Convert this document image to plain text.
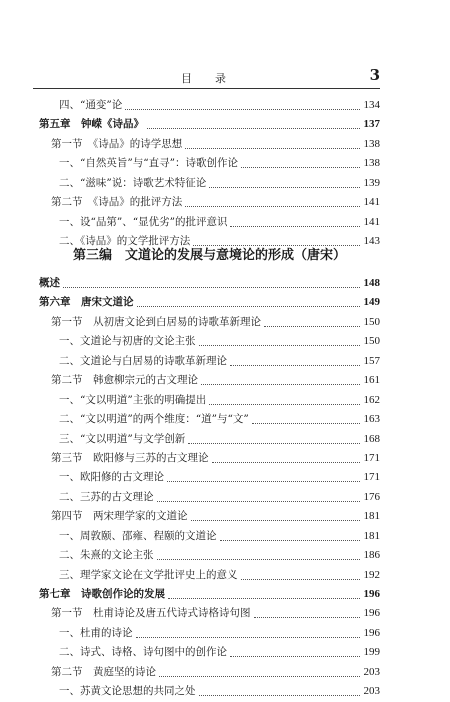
目　录	3
四、“通变”论	134
第五章　钟嵘《诗品》	137
第一节　《诗品》的诗学思想	138
一、“自然英旨”与“直寻”：诗歌创作论	138
二、“滋味”说：诗歌艺术特征论	139
第二节　《诗品》的批评方法	141
一、设“品第”、“显优劣”的批评意识	141
二、《诗品》的文学批评方法	143
第三编　文道论的发展与意境论的形成（唐宋）
概述	148
第六章　唐宋文道论	149
第一节　从初唐文论到白居易的诗歌革新理论	150
一、文道论与初唐的文论主张	150
二、文道论与白居易的诗歌革新理论	157
第二节　韩愈柳宗元的古文理论	161
一、“文以明道”主张的明确提出	162
二、“文以明道”的两个维度：“道”与“文”	163
三、“文以明道”与文学创新	168
第三节　欧阳修与三苏的古文理论	171
一、欧阳修的古文理论	171
二、三苏的古文理论	176
第四节　两宋理学家的文道论	181
一、周敦颐、邵雍、程颐的文道论	181
二、朱熹的文论主张	186
三、理学家文论在文学批评史上的意义	192
第七章　诗歌创作论的发展	196
第一节　杜甫诗论及唐五代诗式诗格诗句图	196
一、杜甫的诗论	196
二、诗式、诗格、诗句图中的创作论	199
第二节　黄庭坚的诗论	203
一、苏黄文论思想的共同之处	203
